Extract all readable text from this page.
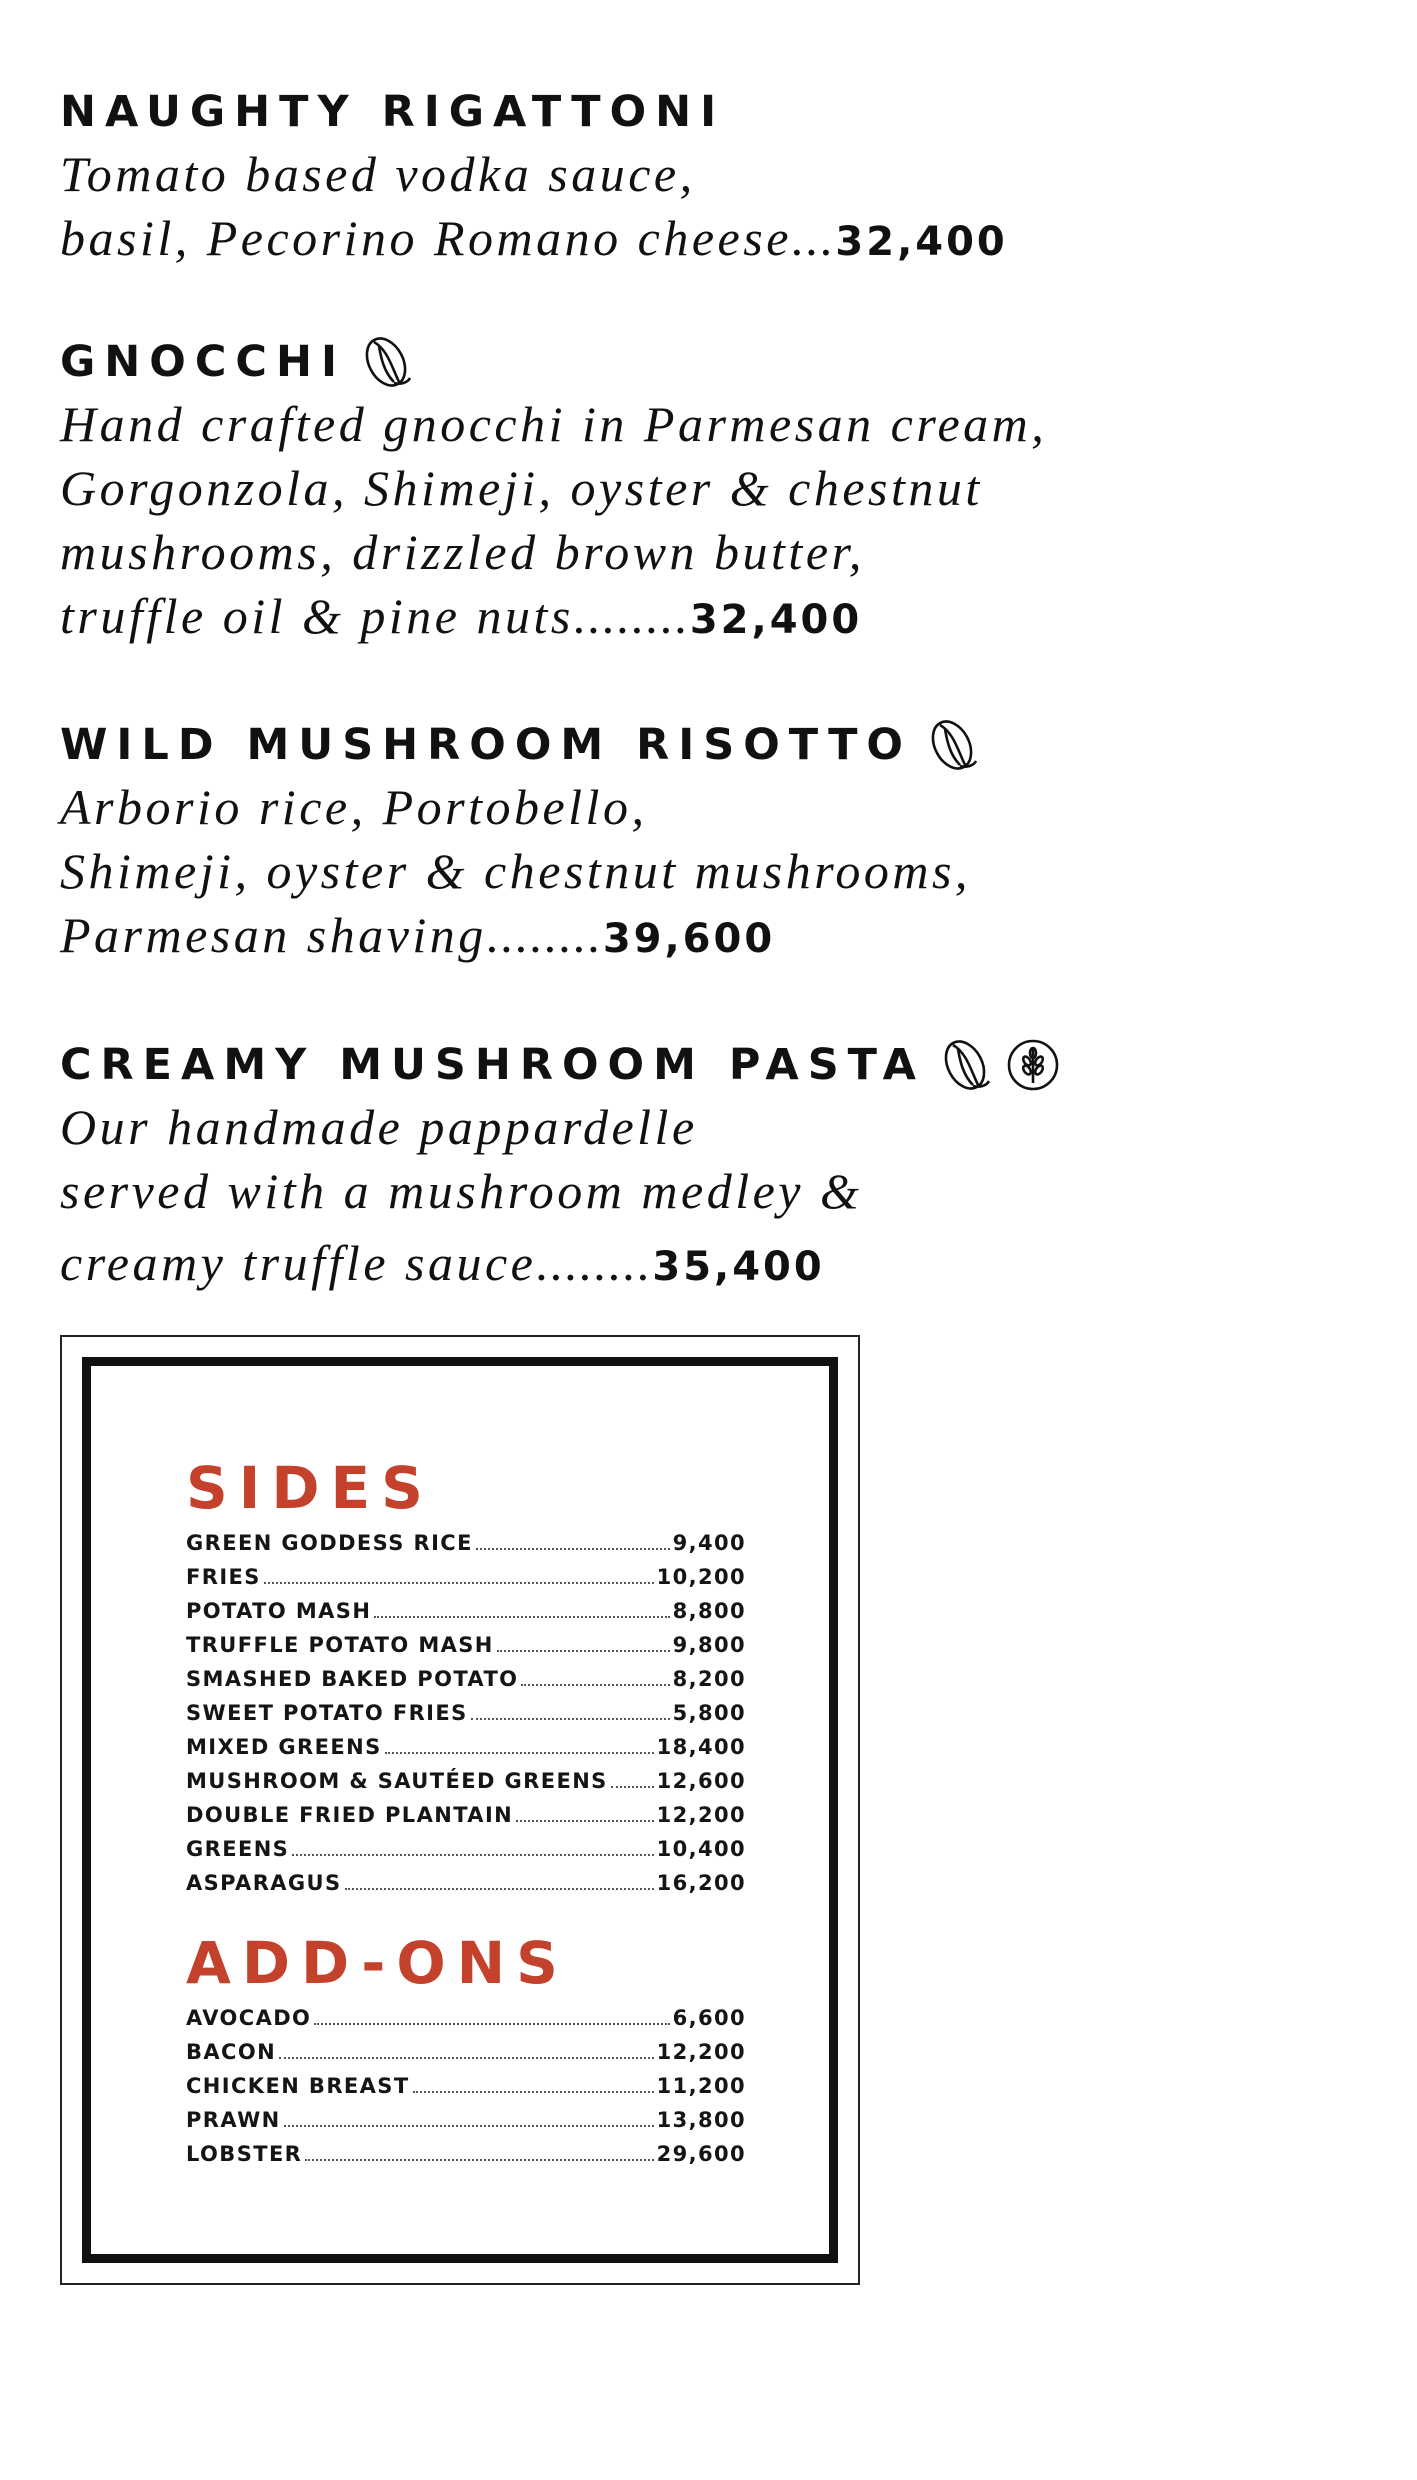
NAUGHTY RIGATTONI
Tomato based vodka sauce,
basil, Pecorino Romano cheese...32,400
GNOCCHI
Hand crafted gnocchi in Parmesan cream,
Gorgonzola, Shimeji, oyster & chestnut
mushrooms, drizzled brown butter,
truffle oil & pine nuts........32,400
WILD MUSHROOM RISOTTO
Arborio rice, Portobello,
Shimeji, oyster & chestnut mushrooms,
Parmesan shaving........39,600
CREAMY MUSHROOM PASTA
Our handmade pappardelle
served with a mushroom medley &
creamy truffle sauce........35,400
SIDES
GREEN GODDESS RICE	9,400
FRIES	10,200
POTATO MASH	8,800
TRUFFLE POTATO MASH	9,800
SMASHED BAKED POTATO	8,200
SWEET POTATO FRIES	5,800
MIXED GREENS	18,400
MUSHROOM & SAUTÉED GREENS 12,600
DOUBLE FRIED PLANTAIN	12,200
GREENS	10,400
ASPARAGUS	16,200
ADD-ONS
AVOCADO	6,600
BACON	12,200
CHICKEN BREAST	11,200
PRAWN	13,800
LOBSTER	29,600
